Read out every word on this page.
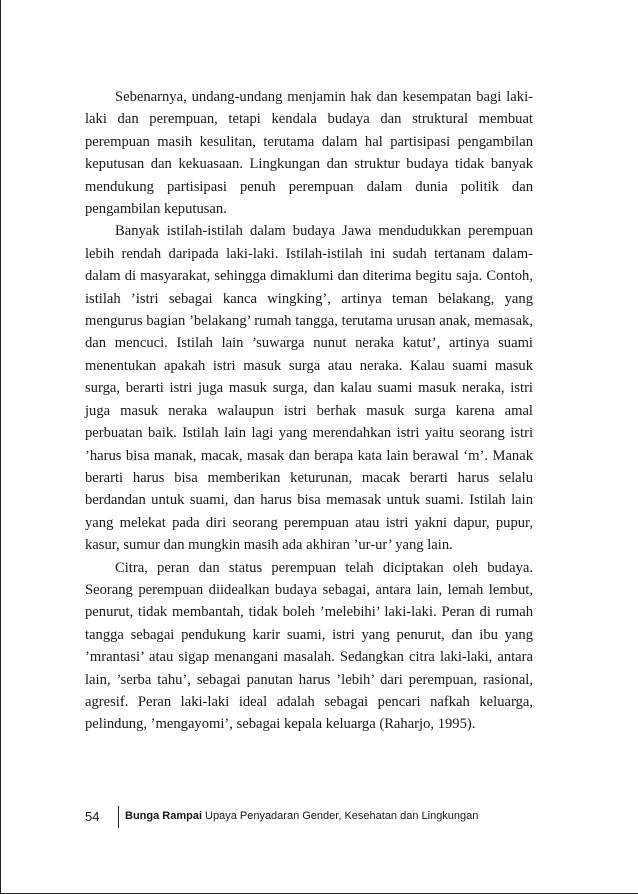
Sebenarnya, undang-undang menjamin hak dan kesempatan bagi laki-laki dan perempuan, tetapi kendala budaya dan struktural membuat perempuan masih kesulitan, terutama dalam hal partisipasi pengambilan keputusan dan kekuasaan. Lingkungan dan struktur budaya tidak banyak mendukung partisipasi penuh perempuan dalam dunia politik dan pengambilan keputusan.

Banyak istilah-istilah dalam budaya Jawa mendudukkan perempuan lebih rendah daripada laki-laki. Istilah-istilah ini sudah tertanam dalam-dalam di masyarakat, sehingga dimaklumi dan diterima begitu saja. Contoh, istilah ’istri sebagai kanca wingking’, artinya teman belakang, yang mengurus bagian ’belakang’ rumah tangga, terutama urusan anak, memasak, dan mencuci. Istilah lain ’suwarga nunut neraka katut’, artinya suami menentukan apakah istri masuk surga atau neraka. Kalau suami masuk surga, berarti istri juga masuk surga, dan kalau suami masuk neraka, istri juga masuk neraka walaupun istri berhak masuk surga karena amal perbuatan baik. Istilah lain lagi yang merendahkan istri yaitu seorang istri ’harus bisa manak, macak, masak dan berapa kata lain berawal ‘m’. Manak berarti harus bisa memberikan keturunan, macak berarti harus selalu berdandan untuk suami, dan harus bisa memasak untuk suami. Istilah lain yang melekat pada diri seorang perempuan atau istri yakni dapur, pupur, kasur, sumur dan mungkin masih ada akhiran ’ur-ur’ yang lain.

Citra, peran dan status perempuan telah diciptakan oleh budaya. Seorang perempuan diidealkan budaya sebagai, antara lain, lemah lembut, penurut, tidak membantah, tidak boleh ’melebihi’ laki-laki. Peran di rumah tangga sebagai pendukung karir suami, istri yang penurut, dan ibu yang ’mrantasi’ atau sigap menangani masalah. Sedangkan citra laki-laki, antara lain, ’serba tahu’, sebagai panutan harus ’lebih’ dari perempuan, rasional, agresif. Peran laki-laki ideal adalah sebagai pencari nafkah keluarga, pelindung, ’mengayomi’, sebagai kepala keluarga (Raharjo, 1995).

54 Bunga Rampai Upaya Penyadaran Gender, Kesehatan dan Lingkungan
